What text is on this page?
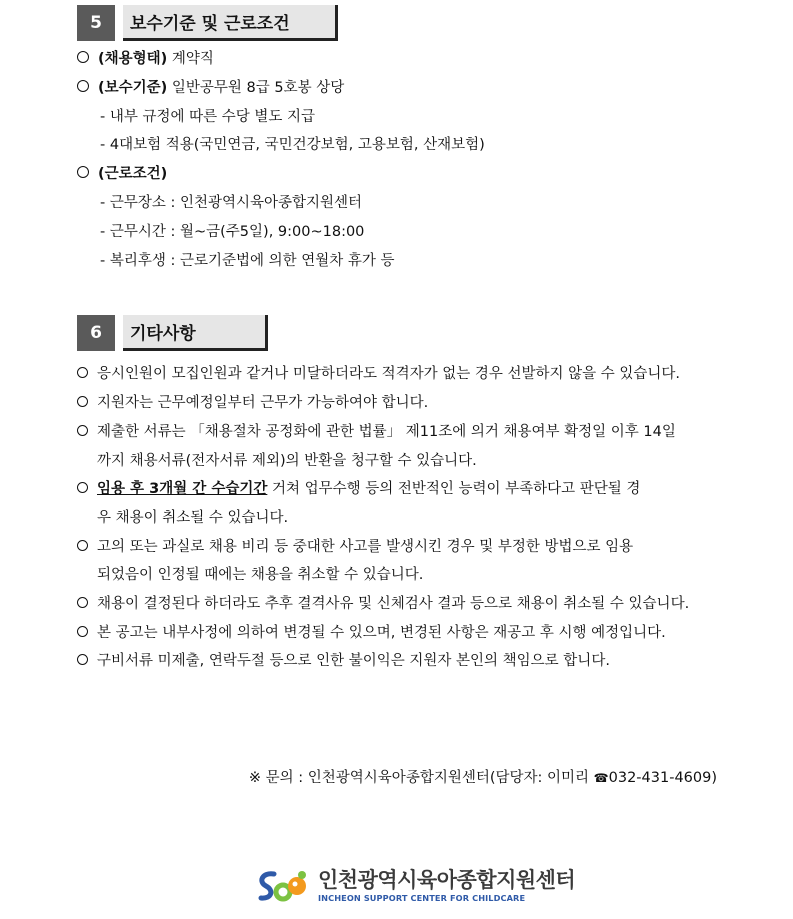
5	보수기준 및 근로조건
(채용형태) 계약직
(보수기준) 일반공무원 8급 5호봉 상당
- 내부 규정에 따른 수당 별도 지급
- 4대보험 적용(국민연금, 국민건강보험, 고용보험, 산재보험)
(근로조건)
- 근무장소 : 인천광역시육아종합지원센터
- 근무시간 : 월~금(주5일), 9:00~18:00
- 복리후생 : 근로기준법에 의한 연월차 휴가 등
6	기타사항
응시인원이 모집인원과 같거나 미달하더라도 적격자가 없는 경우 선발하지 않을 수 있습니다.
지원자는 근무예정일부터 근무가 가능하여야 합니다.
제출한 서류는 「채용절차 공정화에 관한 법률」 제11조에 의거 채용여부 확정일 이후 14일
까지 채용서류(전자서류 제외)의 반환을 청구할 수 있습니다.
임용 후 3개월 간 수습기간 거쳐 업무수행 등의 전반적인 능력이 부족하다고 판단될 경
우 채용이 취소될 수 있습니다.
고의 또는 과실로 채용 비리 등 중대한 사고를 발생시킨 경우 및 부정한 방법으로 임용
되었음이 인정될 때에는 채용을 취소할 수 있습니다.
채용이 결정된다 하더라도 추후 결격사유 및 신체검사 결과 등으로 채용이 취소될 수 있습니다.
본 공고는 내부사정에 의하여 변경될 수 있으며, 변경된 사항은 재공고 후 시행 예정입니다.
구비서류 미제출, 연락두절 등으로 인한 불이익은 지원자 본인의 책임으로 합니다.
※ 문의 : 인천광역시육아종합지원센터(담당자: 이미리 ☎032-431-4609)
인천광역시육아종합지원센터
INCHEON SUPPORT CENTER FOR CHILDCARE
